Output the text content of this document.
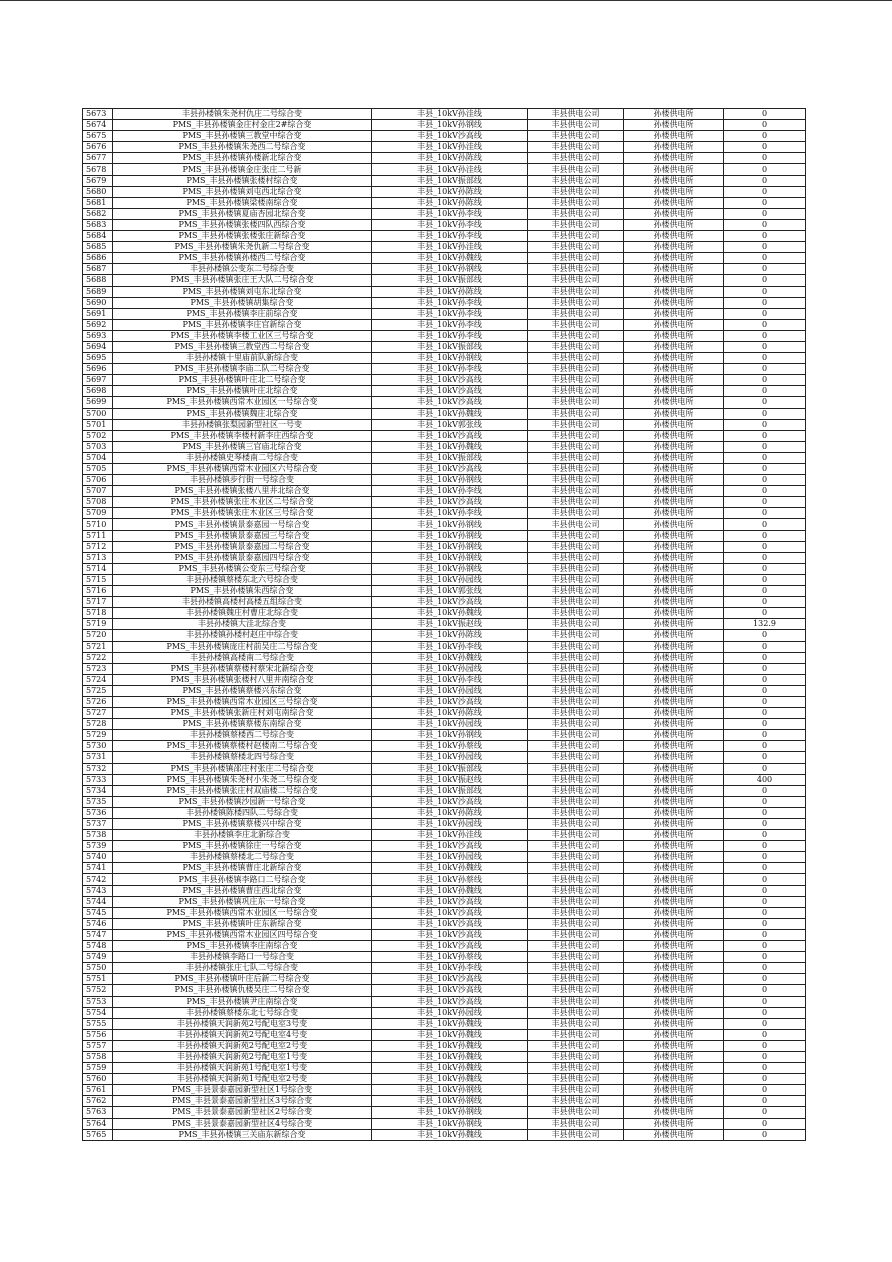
5673	丰县孙楼镇朱尧村仇庄二号综合变	丰县_10kV孙洼线	丰县供电公司	孙楼供电所	0
5674	PMS_丰县孙楼镇金庄村金庄2#综合变	丰县_10kV孙钢线	丰县供电公司	孙楼供电所	0
5675	PMS_丰县孙楼镇三教堂中综合变	丰县_10kV沙高线	丰县供电公司	孙楼供电所	0
5676	PMS_丰县孙楼镇朱尧西二号综合变	丰县_10kV孙洼线	丰县供电公司	孙楼供电所	0
5677	PMS_丰县孙楼镇孙楼新北综合变	丰县_10kV孙陈线	丰县供电公司	孙楼供电所	0
5678	PMS_丰县孙楼镇金庄张庄二号新	丰县_10kV孙洼线	丰县供电公司	孙楼供电所	0
5679	PMS_丰县孙楼镇张楼村综合变	丰县_10kV振部线	丰县供电公司	孙楼供电所	0
5680	PMS_丰县孙楼镇刘屯西北综合变	丰县_10kV孙陈线	丰县供电公司	孙楼供电所	0
5681	PMS_丰县孙楼镇梁楼南综合变	丰县_10kV孙陈线	丰县供电公司	孙楼供电所	0
5682	PMS_丰县孙楼镇夏庙杏园北综合变	丰县_10kV孙李线	丰县供电公司	孙楼供电所	0
5683	PMS_丰县孙楼镇张楼四队西综合变	丰县_10kV孙李线	丰县供电公司	孙楼供电所	0
5684	PMS_丰县孙楼镇张楼张庄新综合变	丰县_10kV孙李线	丰县供电公司	孙楼供电所	0
5685	PMS_丰县孙楼镇朱尧仇新二号综合变	丰县_10kV孙洼线	丰县供电公司	孙楼供电所	0
5686	PMS_丰县孙楼镇孙楼西二号综合变	丰县_10kV孙魏线	丰县供电公司	孙楼供电所	0
5687	丰县孙楼镇公变东二号综合变	丰县_10kV孙钢线	丰县供电公司	孙楼供电所	0
5688	PMS_丰县孙楼镇张庄王大队二号综合变	丰县_10kV振部线	丰县供电公司	孙楼供电所	0
5689	PMS_丰县孙楼镇刘屯东北综合变	丰县_10kV孙陈线	丰县供电公司	孙楼供电所	0
5690	PMS_丰县孙楼镇胡集综合变	丰县_10kV孙李线	丰县供电公司	孙楼供电所	0
5691	PMS_丰县孙楼镇李庄前综合变	丰县_10kV孙李线	丰县供电公司	孙楼供电所	0
5692	PMS_丰县孙楼镇李庄官新综合变	丰县_10kV孙李线	丰县供电公司	孙楼供电所	0
5693	PMS_丰县孙楼镇李楼工业区三号综合变	丰县_10kV孙李线	丰县供电公司	孙楼供电所	0
5694	PMS_丰县孙楼镇三教堂西二号综合变	丰县_10kV振部线	丰县供电公司	孙楼供电所	0
5695	丰县孙楼镇十里庙前队新综合变	丰县_10kV孙钢线	丰县供电公司	孙楼供电所	0
5696	PMS_丰县孙楼镇李庙二队二号综合变	丰县_10kV孙李线	丰县供电公司	孙楼供电所	0
5697	PMS_丰县孙楼镇叶庄北二号综合变	丰县_10kV沙高线	丰县供电公司	孙楼供电所	0
5698	PMS_丰县孙楼镇叶庄北综合变	丰县_10kV沙高线	丰县供电公司	孙楼供电所	0
5699	PMS_丰县孙楼镇西常木业园区一号综合变	丰县_10kV沙高线	丰县供电公司	孙楼供电所	0
5700	PMS_丰县孙楼镇魏庄北综合变	丰县_10kV孙魏线	丰县供电公司	孙楼供电所	0
5701	丰县孙楼镇张梨园新型社区一号变	丰县_10kV郭张线	丰县供电公司	孙楼供电所	0
5702	PMS_丰县孙楼镇李楼村新李庄西综合变	丰县_10kV沙高线	丰县供电公司	孙楼供电所	0
5703	PMS_丰县孙楼镇三官庙北综合变	丰县_10kV孙魏线	丰县供电公司	孙楼供电所	0
5704	丰县孙楼镇史琴楼南二号综合变	丰县_10kV振部线	丰县供电公司	孙楼供电所	0
5705	PMS_丰县孙楼镇西常木业园区六号综合变	丰县_10kV沙高线	丰县供电公司	孙楼供电所	0
5706	丰县孙楼镇步行街一号综合变	丰县_10kV孙钢线	丰县供电公司	孙楼供电所	0
5707	PMS_丰县孙楼镇张楼八里井北综合变	丰县_10kV孙李线	丰县供电公司	孙楼供电所	0
5708	PMS_丰县孙楼镇张庄木业区二号综合变	丰县_10kV沙高线	丰县供电公司	孙楼供电所	0
5709	PMS_丰县孙楼镇张庄木业区三号综合变	丰县_10kV孙李线	丰县供电公司	孙楼供电所	0
5710	PMS_丰县孙楼镇景泰嘉园一号综合变	丰县_10kV孙钢线	丰县供电公司	孙楼供电所	0
5711	PMS_丰县孙楼镇景泰嘉园三号综合变	丰县_10kV孙钢线	丰县供电公司	孙楼供电所	0
5712	PMS_丰县孙楼镇景泰嘉园二号综合变	丰县_10kV孙钢线	丰县供电公司	孙楼供电所	0
5713	PMS_丰县孙楼镇景泰嘉园四号综合变	丰县_10kV孙钢线	丰县供电公司	孙楼供电所	0
5714	PMS_丰县孙楼镇公变东三号综合变	丰县_10kV孙钢线	丰县供电公司	孙楼供电所	0
5715	丰县孙楼镇蔡楼东北六号综合变	丰县_10kV孙园线	丰县供电公司	孙楼供电所	0
5716	PMS_丰县孙楼镇朱西综合变	丰县_10kV郭张线	丰县供电公司	孙楼供电所	0
5717	丰县孙楼镇高楼村高楼五组综合变	丰县_10kV沙高线	丰县供电公司	孙楼供电所	0
5718	丰县孙楼镇魏庄村曹庄北综合变	丰县_10kV孙魏线	丰县供电公司	孙楼供电所	0
5719	丰县孙楼镇大洼北综合变	丰县_10kV振赵线	丰县供电公司	孙楼供电所	132.9
5720	丰县孙楼镇孙楼村赵庄中综合变	丰县_10kV孙陈线	丰县供电公司	孙楼供电所	0
5721	PMS_丰县孙楼镇庞庄村前吴庄二号综合变	丰县_10kV孙李线	丰县供电公司	孙楼供电所	0
5722	丰县孙楼镇高楼南二号综合变	丰县_10kV孙魏线	丰县供电公司	孙楼供电所	0
5723	PMS_丰县孙楼镇蔡楼村蔡宋北新综合变	丰县_10kV孙园线	丰县供电公司	孙楼供电所	0
5724	PMS_丰县孙楼镇张楼村八里井南综合变	丰县_10kV孙李线	丰县供电公司	孙楼供电所	0
5725	PMS_丰县孙楼镇蔡楼兴东综合变	丰县_10kV孙园线	丰县供电公司	孙楼供电所	0
5726	PMS_丰县孙楼镇西常木业园区三号综合变	丰县_10kV沙高线	丰县供电公司	孙楼供电所	0
5727	PMS_丰县孙楼镇张新庄村刘屯南综合变	丰县_10kV孙陈线	丰县供电公司	孙楼供电所	0
5728	PMS_丰县孙楼镇蔡楼东南综合变	丰县_10kV孙园线	丰县供电公司	孙楼供电所	0
5729	丰县孙楼镇蔡楼西二号综合变	丰县_10kV孙钢线	丰县供电公司	孙楼供电所	0
5730	PMS_丰县孙楼镇蔡楼村赵楼南二号综合变	丰县_10kV孙蔡线	丰县供电公司	孙楼供电所	0
5731	丰县孙楼镇蔡楼北四号综合变	丰县_10kV孙园线	丰县供电公司	孙楼供电所	0
5732	PMS_丰县孙楼镇邵庄村张庄二号综合变	丰县_10kV振部线	丰县供电公司	孙楼供电所	0
5733	PMS_丰县孙楼镇朱尧村小朱尧二号综合变	丰县_10kV振赵线	丰县供电公司	孙楼供电所	400
5734	PMS_丰县孙楼镇张庄村双庙楼二号综合变	丰县_10kV振部线	丰县供电公司	孙楼供电所	0
5735	PMS_丰县孙楼镇沙园新一号综合变	丰县_10kV沙高线	丰县供电公司	孙楼供电所	0
5736	丰县孙楼镇陈楼四队二号综合变	丰县_10kV孙陈线	丰县供电公司	孙楼供电所	0
5737	PMS_丰县孙楼镇蔡楼兴中综合变	丰县_10kV孙园线	丰县供电公司	孙楼供电所	0
5738	丰县孙楼镇李庄北新综合变	丰县_10kV孙洼线	丰县供电公司	孙楼供电所	0
5739	PMS_丰县孙楼镇徐庄一号综合变	丰县_10kV沙高线	丰县供电公司	孙楼供电所	0
5740	丰县孙楼镇蔡楼北二号综合变	丰县_10kV孙园线	丰县供电公司	孙楼供电所	0
5741	PMS_丰县孙楼镇曹庄北新综合变	丰县_10kV孙魏线	丰县供电公司	孙楼供电所	0
5742	PMS_丰县孙楼镇李路口二号综合变	丰县_10kV孙蔡线	丰县供电公司	孙楼供电所	0
5743	PMS_丰县孙楼镇曹庄西北综合变	丰县_10kV孙魏线	丰县供电公司	孙楼供电所	0
5744	PMS_丰县孙楼镇巩庄东一号综合变	丰县_10kV沙高线	丰县供电公司	孙楼供电所	0
5745	PMS_丰县孙楼镇西常木业园区一号综合变	丰县_10kV沙高线	丰县供电公司	孙楼供电所	0
5746	PMS_丰县孙楼镇叶庄东新综合变	丰县_10kV沙高线	丰县供电公司	孙楼供电所	0
5747	PMS_丰县孙楼镇西常木业园区四号综合变	丰县_10kV沙高线	丰县供电公司	孙楼供电所	0
5748	PMS_丰县孙楼镇李庄南综合变	丰县_10kV沙高线	丰县供电公司	孙楼供电所	0
5749	丰县孙楼镇李路口一号综合变	丰县_10kV孙蔡线	丰县供电公司	孙楼供电所	0
5750	丰县孙楼镇张庄七队二号综合变	丰县_10kV孙李线	丰县供电公司	孙楼供电所	0
5751	PMS_丰县孙楼镇叶庄后新二号综合变	丰县_10kV沙高线	丰县供电公司	孙楼供电所	0
5752	PMS_丰县孙楼镇仇楼吴庄二号综合变	丰县_10kV沙高线	丰县供电公司	孙楼供电所	0
5753	PMS_丰县孙楼镇尹庄南综合变	丰县_10kV沙高线	丰县供电公司	孙楼供电所	0
5754	丰县孙楼镇蔡楼东北七号综合变	丰县_10kV孙园线	丰县供电公司	孙楼供电所	0
5755	丰县孙楼镇天润新苑2号配电室3号变	丰县_10kV孙魏线	丰县供电公司	孙楼供电所	0
5756	丰县孙楼镇天润新苑2号配电室4号变	丰县_10kV孙魏线	丰县供电公司	孙楼供电所	0
5757	丰县孙楼镇天润新苑2号配电室2号变	丰县_10kV孙魏线	丰县供电公司	孙楼供电所	0
5758	丰县孙楼镇天润新苑2号配电室1号变	丰县_10kV孙魏线	丰县供电公司	孙楼供电所	0
5759	丰县孙楼镇天润新苑1号配电室1号变	丰县_10kV孙魏线	丰县供电公司	孙楼供电所	0
5760	丰县孙楼镇天润新苑1号配电室2号变	丰县_10kV孙魏线	丰县供电公司	孙楼供电所	0
5761	PMS_丰县景泰嘉园新型社区1号综合变	丰县_10kV孙钢线	丰县供电公司	孙楼供电所	0
5762	PMS_丰县景泰嘉园新型社区3号综合变	丰县_10kV孙钢线	丰县供电公司	孙楼供电所	0
5763	PMS_丰县景泰嘉园新型社区2号综合变	丰县_10kV孙钢线	丰县供电公司	孙楼供电所	0
5764	PMS_丰县景泰嘉园新型社区4号综合变	丰县_10kV孙钢线	丰县供电公司	孙楼供电所	0
5765	PMS_丰县孙楼镇三关庙东新综合变	丰县_10kV孙魏线	丰县供电公司	孙楼供电所	0
